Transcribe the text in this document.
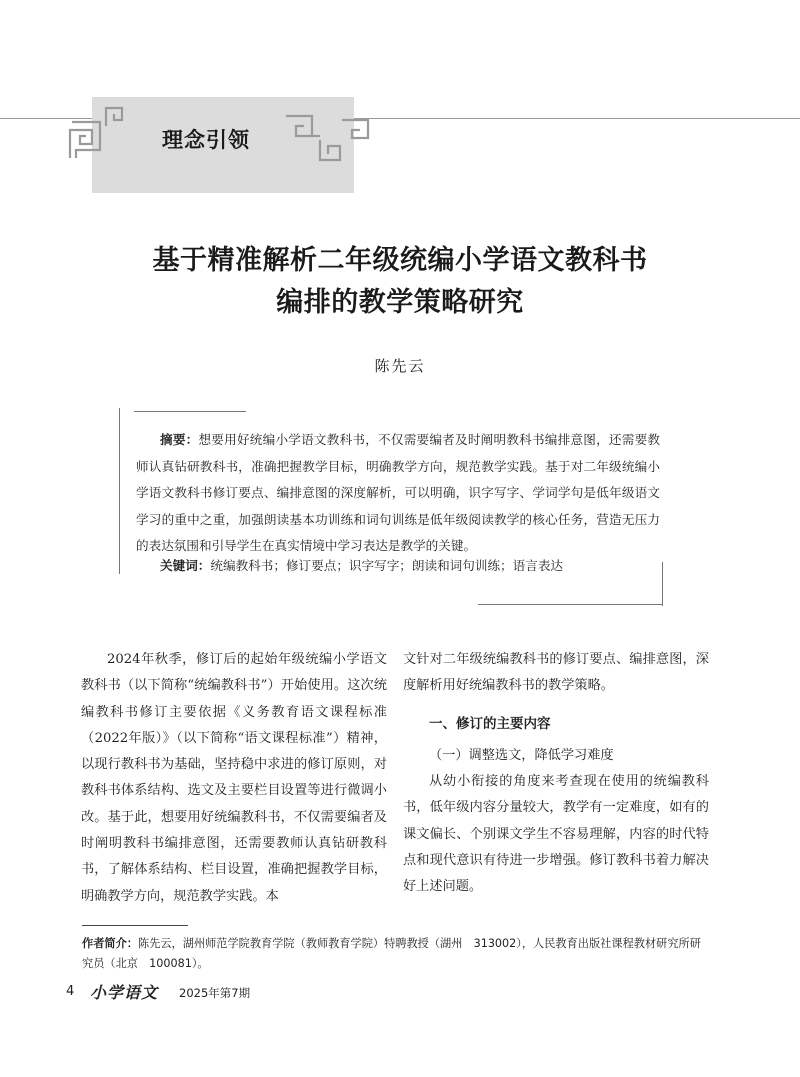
理念引领
基于精准解析二年级统编小学语文教科书
编排的教学策略研究
陈先云
摘要：想要用好统编小学语文教科书，不仅需要编者及时阐明教科书编排意图，还需要教师认真钻研教科书，准确把握教学目标，明确教学方向，规范教学实践。基于对二年级统编小学语文教科书修订要点、编排意图的深度解析，可以明确，识字写字、学词学句是低年级语文学习的重中之重，加强朗读基本功训练和词句训练是低年级阅读教学的核心任务，营造无压力的表达氛围和引导学生在真实情境中学习表达是教学的关键。
关键词：统编教科书；修订要点；识字写字；朗读和词句训练；语言表达

2024年秋季，修订后的起始年级统编小学语文教科书（以下简称“统编教科书”）开始使用。这次统编教科书修订主要依据《义务教育语文课程标准（2022年版）》（以下简称“语文课程标准”）精神，以现行教科书为基础，坚持稳中求进的修订原则，对教科书体系结构、选文及主要栏目设置等进行微调小改。基于此，想要用好统编教科书，不仅需要编者及时阐明教科书编排意图，还需要教师认真钻研教科书，了解体系结构、栏目设置，准确把握教学目标，明确教学方向，规范教学实践。本

文针对二年级统编教科书的修订要点、编排意图，深度解析用好统编教科书的教学策略。

一、修订的主要内容

（一）调整选文，降低学习难度

从幼小衔接的角度来考查现在使用的统编教科书，低年级内容分量较大，教学有一定难度，如有的课文偏长、个别课文学生不容易理解，内容的时代特点和现代意识有待进一步增强。修订教科书着力解决好上述问题。

作者简介：陈先云，湖州师范学院教育学院（教师教育学院）特聘教授（湖州　313002），人民教育出版社课程教材研究所研究员（北京　100081）。
4 小学语文 2025年第7期
